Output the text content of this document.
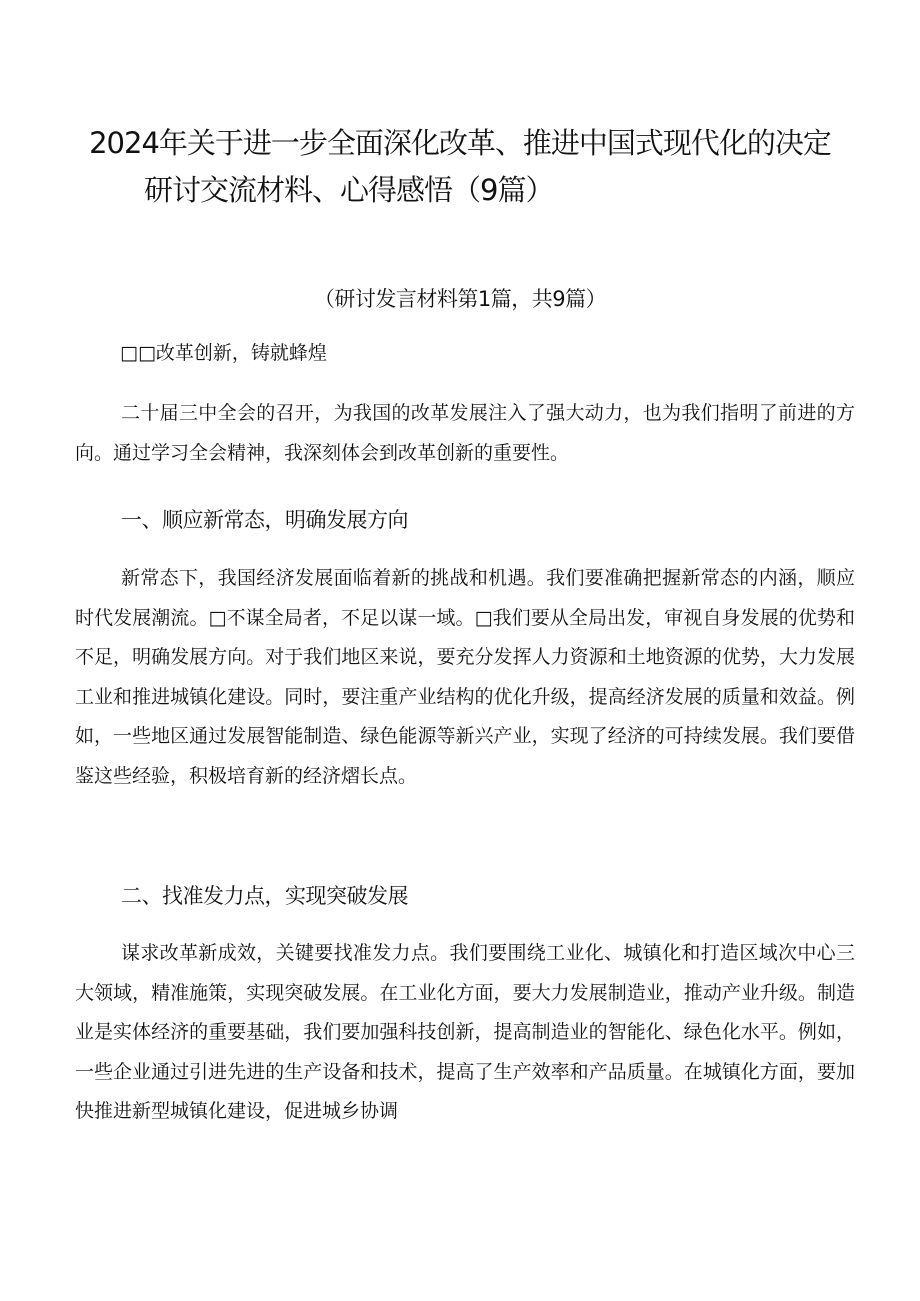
2024年关于进一步全面深化改革、推进中国式现代化的决定
研讨交流材料、心得感悟（9篇）
（研讨发言材料第1篇，共9篇）
□□改革创新，铸就蜂煌

二十届三中全会的召开，为我国的改革发展注入了强大动力，也为我们指明了前进的方向。通过学习全会精神，我深刻体会到改革创新的重要性。

一、顺应新常态，明确发展方向

新常态下，我国经济发展面临着新的挑战和机遇。我们要准确把握新常态的内涵，顺应时代发展潮流。□不谋全局者，不足以谋一域。□我们要从全局出发，审视自身发展的优势和不足，明确发展方向。对于我们地区来说，要充分发挥人力资源和土地资源的优势，大力发展工业和推进城镇化建设。同时，要注重产业结构的优化升级，提高经济发展的质量和效益。例如，一些地区通过发展智能制造、绿色能源等新兴产业，实现了经济的可持续发展。我们要借鉴这些经验，积极培育新的经济熠长点。

二、找准发力点，实现突破发展

谋求改革新成效，关键要找准发力点。我们要围绕工业化、城镇化和打造区域次中心三大领域，精准施策，实现突破发展。在工业化方面，要大力发展制造业，推动产业升级。制造业是实体经济的重要基础，我们要加强科技创新，提高制造业的智能化、绿色化水平。例如，一些企业通过引进先进的生产设备和技术，提高了生产效率和产品质量。在城镇化方面，要加快推进新型城镇化建设，促进城乡协调
